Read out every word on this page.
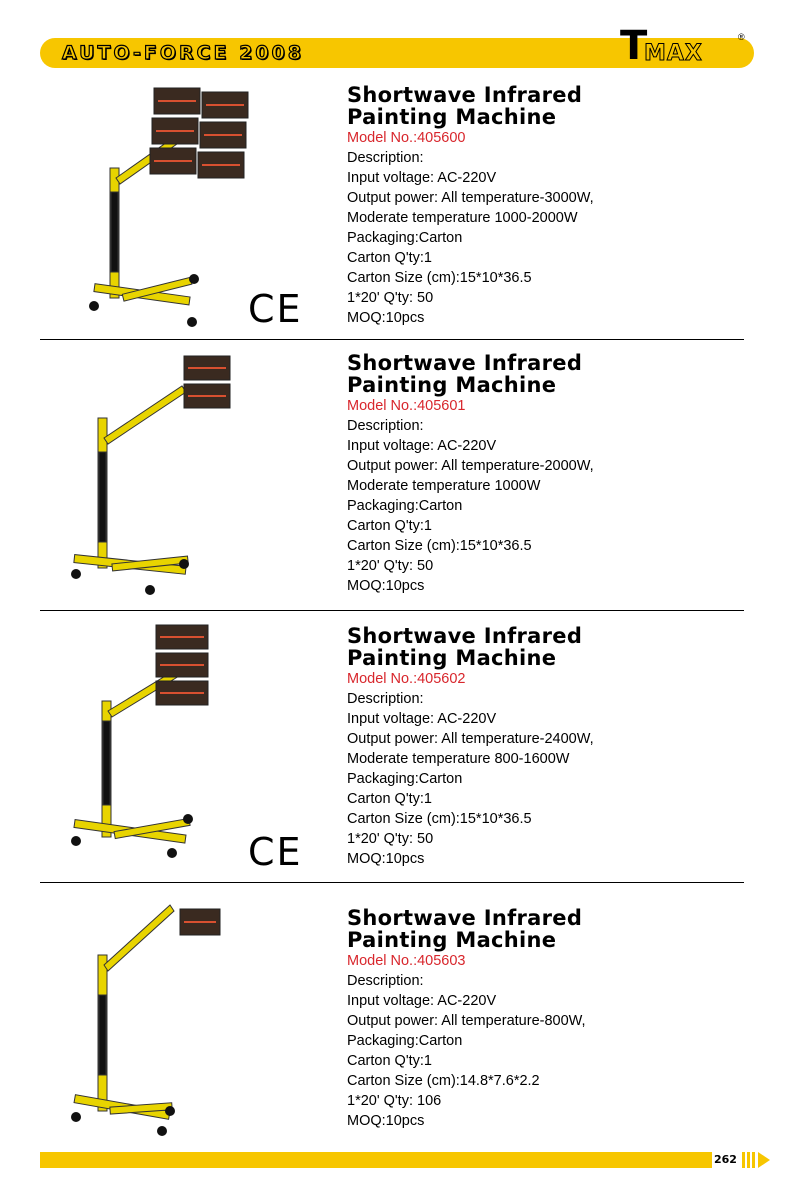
AUTO-FORCE 2008	T
MAX
®
CE
Shortwave Infrared
Painting Machine
Model No.:405600
Description:
Input voltage: AC-220V
Output power: All temperature-3000W,
Moderate temperature 1000-2000W
Packaging:Carton
Carton Q'ty:1
Carton Size (cm):15*10*36.5
1*20' Q'ty: 50
MOQ:10pcs
Shortwave Infrared
Painting Machine
Model No.:405601
Description:
Input voltage: AC-220V
Output power: All temperature-2000W,
Moderate temperature 1000W
Packaging:Carton
Carton Q'ty:1
Carton Size (cm):15*10*36.5
1*20' Q'ty: 50
MOQ:10pcs
CE
Shortwave Infrared
Painting Machine
Model No.:405602
Description:
Input voltage: AC-220V
Output power: All temperature-2400W,
Moderate temperature 800-1600W
Packaging:Carton
Carton Q'ty:1
Carton Size (cm):15*10*36.5
1*20' Q'ty: 50
MOQ:10pcs
Shortwave Infrared
Painting Machine
Model No.:405603
Description:
Input voltage: AC-220V
Output power: All temperature-800W,
Packaging:Carton
Carton Q'ty:1
Carton Size (cm):14.8*7.6*2.2
1*20' Q'ty: 106
MOQ:10pcs
262
